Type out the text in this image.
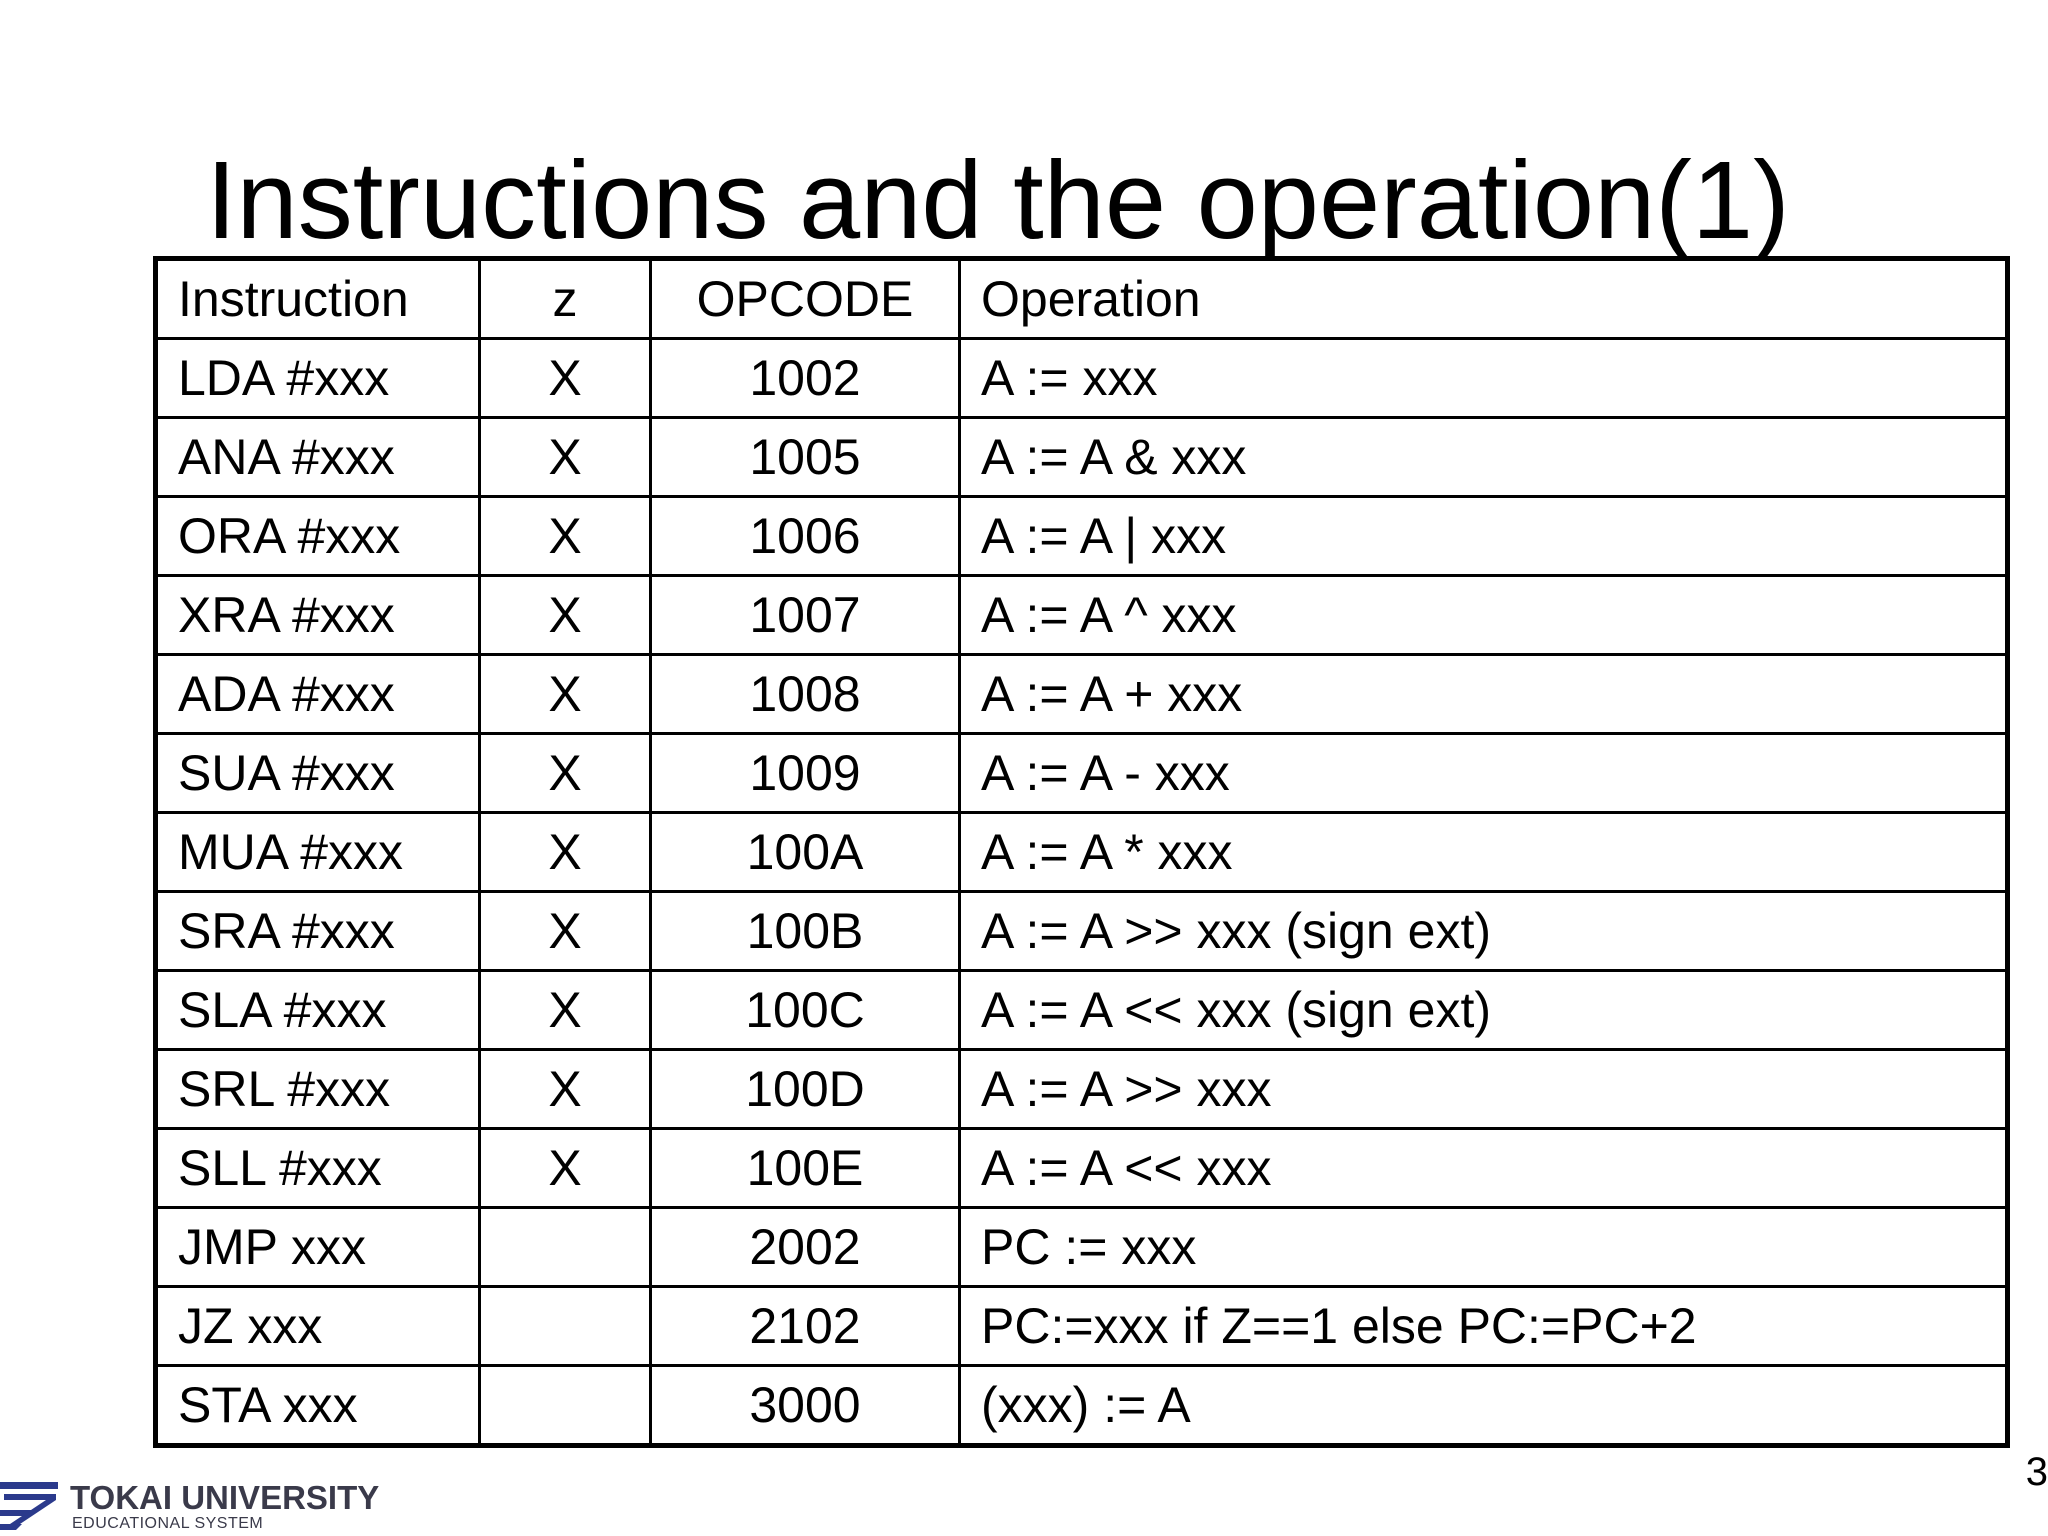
Instructions and the operation(1)
Instruction	z	OPCODE	Operation
LDA #xxx	X	1002	A := xxx
ANA #xxx	X	1005	A := A & xxx
ORA #xxx	X	1006	A := A | xxx
XRA #xxx	X	1007	A := A ^ xxx
ADA #xxx	X	1008	A := A + xxx
SUA #xxx	X	1009	A := A - xxx
MUA #xxx	X	100A	A := A * xxx
SRA #xxx	X	100B	A := A >> xxx (sign ext)
SLA #xxx	X	100C	A := A << xxx (sign ext)
SRL #xxx	X	100D	A := A >> xxx
SLL #xxx	X	100E	A := A << xxx
JMP xxx		2002	PC := xxx
JZ xxx		2102	PC:=xxx if Z==1 else PC:=PC+2
STA xxx		3000	(xxx) := A
3
TOKAI UNIVERSITY
EDUCATIONAL SYSTEM
